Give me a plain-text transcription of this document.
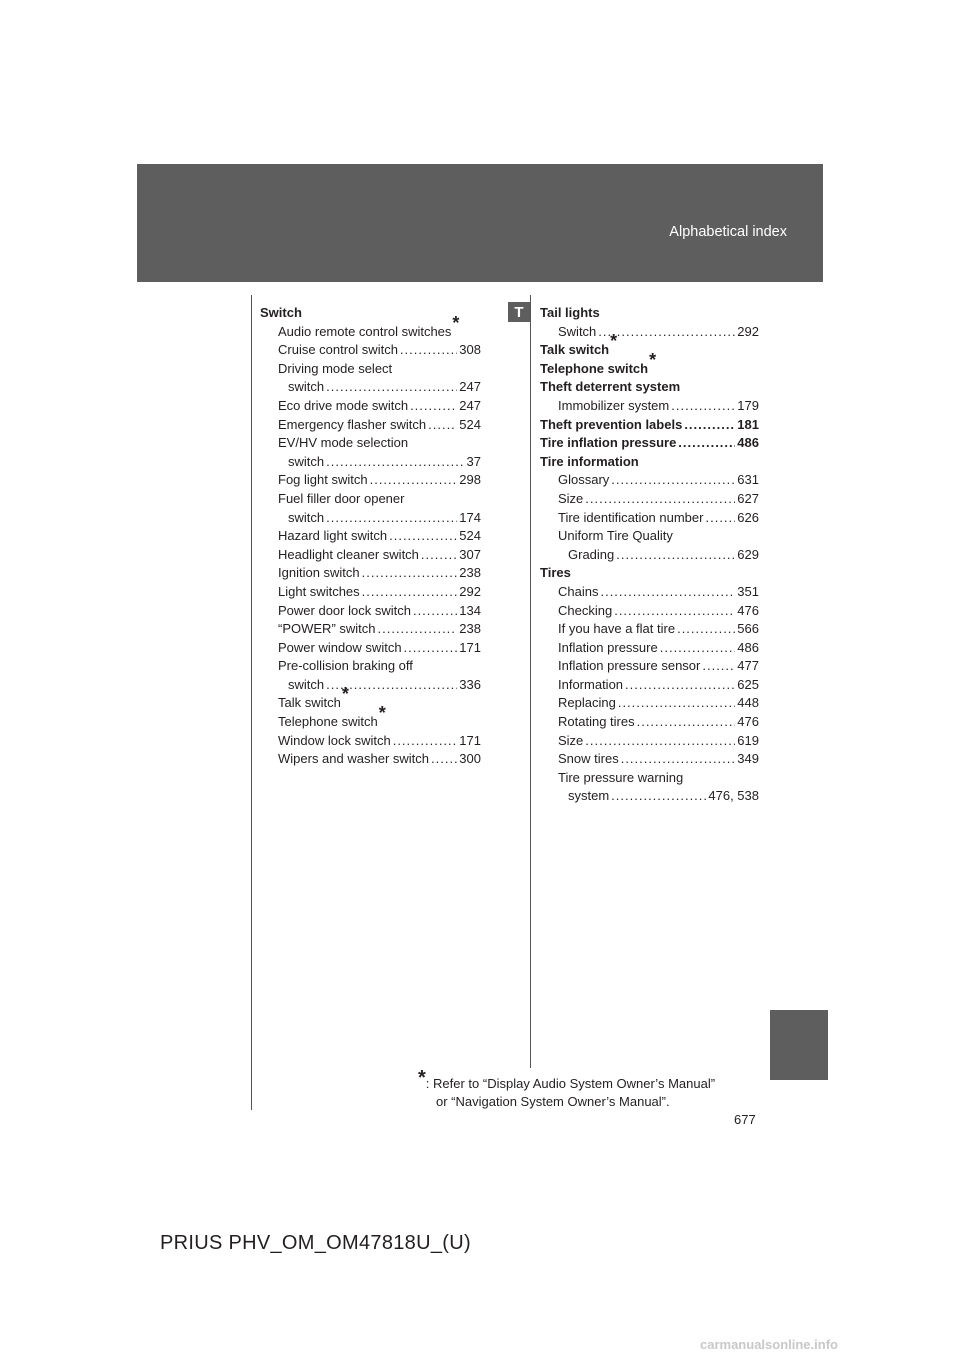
Alphabetical index
Switch
Audio remote control switches*
Cruise control switch .....	308
Driving mode select
switch .....	247
Eco drive mode switch .....	247
Emergency flasher switch .....	524
EV/HV mode selection
switch .....	37
Fog light switch .....	298
Fuel filler door opener
switch .....	174
Hazard light switch .....	524
Headlight cleaner switch .....	307
Ignition switch .....	238
Light switches .....	292
Power door lock switch .....	134
“POWER” switch .....	238
Power window switch .....	171
Pre-collision braking off
switch .....	336
Talk switch*
Telephone switch*
Window lock switch .....	171
Wipers and washer switch ..... 300
T	Tail lights
Switch .....	292
Talk switch*
Telephone switch*
Theft deterrent system
Immobilizer system .....	179
Theft prevention labels .....	181
Tire inflation pressure .....	486
Tire information
Glossary .....	631
Size .....	627
Tire identification number .....	626
Uniform Tire Quality
Grading .....	629
Tires
Chains .....	351
Checking .....	476
If you have a flat tire .....	566
Inflation pressure .....	486
Inflation pressure sensor .....	477
Information .....	625
Replacing .....	448
Rotating tires .....	476
Size .....	619
Snow tires .....	349
Tire pressure warning
system .....	476, 538
*: Refer to “Display Audio System Owner’s Manual”
or “Navigation System Owner’s Manual”.
677
PRIUS PHV_OM_OM47818U_(U)
carmanualsonline.info
